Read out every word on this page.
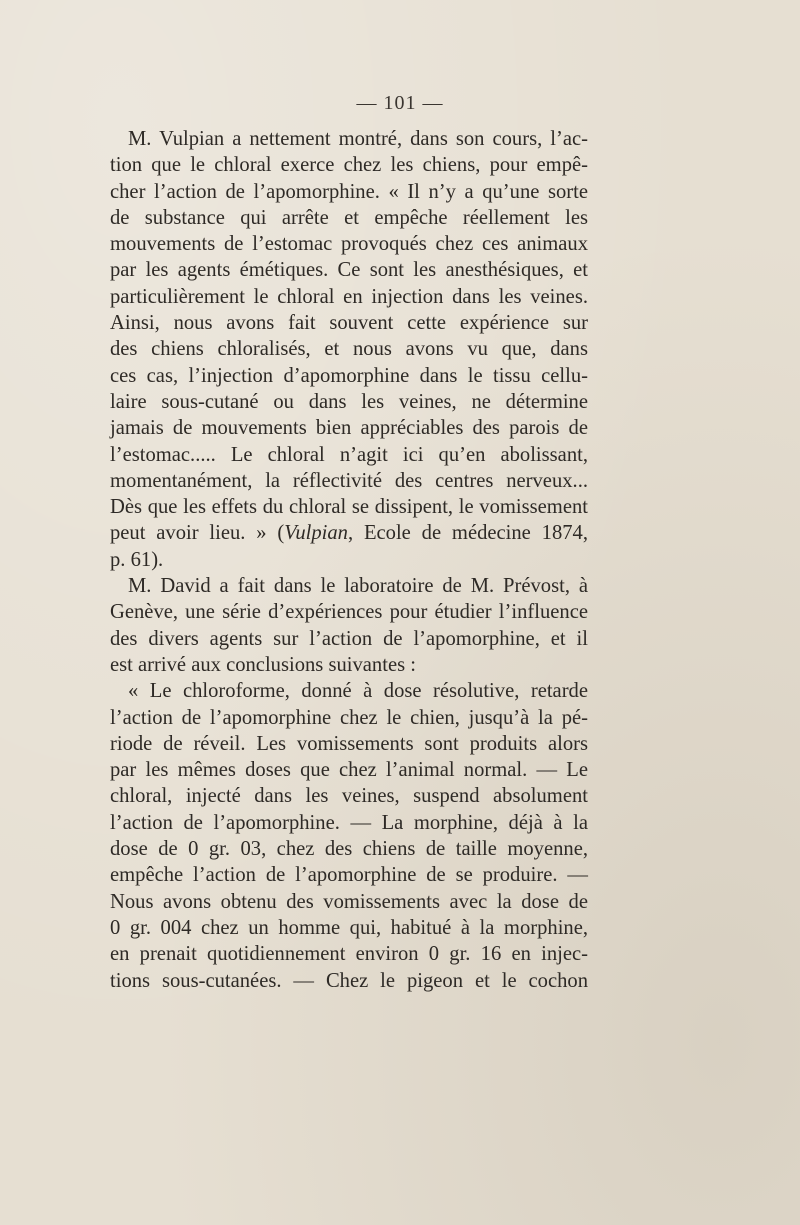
— 101 —
M. Vulpian a nettement montré, dans son cours, l’ac-
tion que le chloral exerce chez les chiens, pour empê-
cher l’action de l’apomorphine. « Il n’y a qu’une sorte
de substance qui arrête et empêche réellement les
mouvements de l’estomac provoqués chez ces animaux
par les agents émétiques. Ce sont les anesthésiques, et
particulièrement le chloral en injection dans les veines.
Ainsi, nous avons fait souvent cette expérience sur
des chiens chloralisés, et nous avons vu que, dans
ces cas, l’injection d’apomorphine dans le tissu cellu-
laire sous-cutané ou dans les veines, ne détermine
jamais de mouvements bien appréciables des parois de
l’estomac..... Le chloral n’agit ici qu’en abolissant,
momentanément, la réflectivité des centres nerveux...
Dès que les effets du chloral se dissipent, le vomissement
peut avoir lieu. » (Vulpian, Ecole de médecine 1874,
p. 61).
M. David a fait dans le laboratoire de M. Prévost, à
Genève, une série d’expériences pour étudier l’influence
des divers agents sur l’action de l’apomorphine, et il
est arrivé aux conclusions suivantes :
« Le chloroforme, donné à dose résolutive, retarde
l’action de l’apomorphine chez le chien, jusqu’à la pé-
riode de réveil. Les vomissements sont produits alors
par les mêmes doses que chez l’animal normal. — Le
chloral, injecté dans les veines, suspend absolument
l’action de l’apomorphine. — La morphine, déjà à la
dose de 0 gr. 03, chez des chiens de taille moyenne,
empêche l’action de l’apomorphine de se produire. —
Nous avons obtenu des vomissements avec la dose de
0 gr. 004 chez un homme qui, habitué à la morphine,
en prenait quotidiennement environ 0 gr. 16 en injec-
tions sous-cutanées. — Chez le pigeon et le cochon
